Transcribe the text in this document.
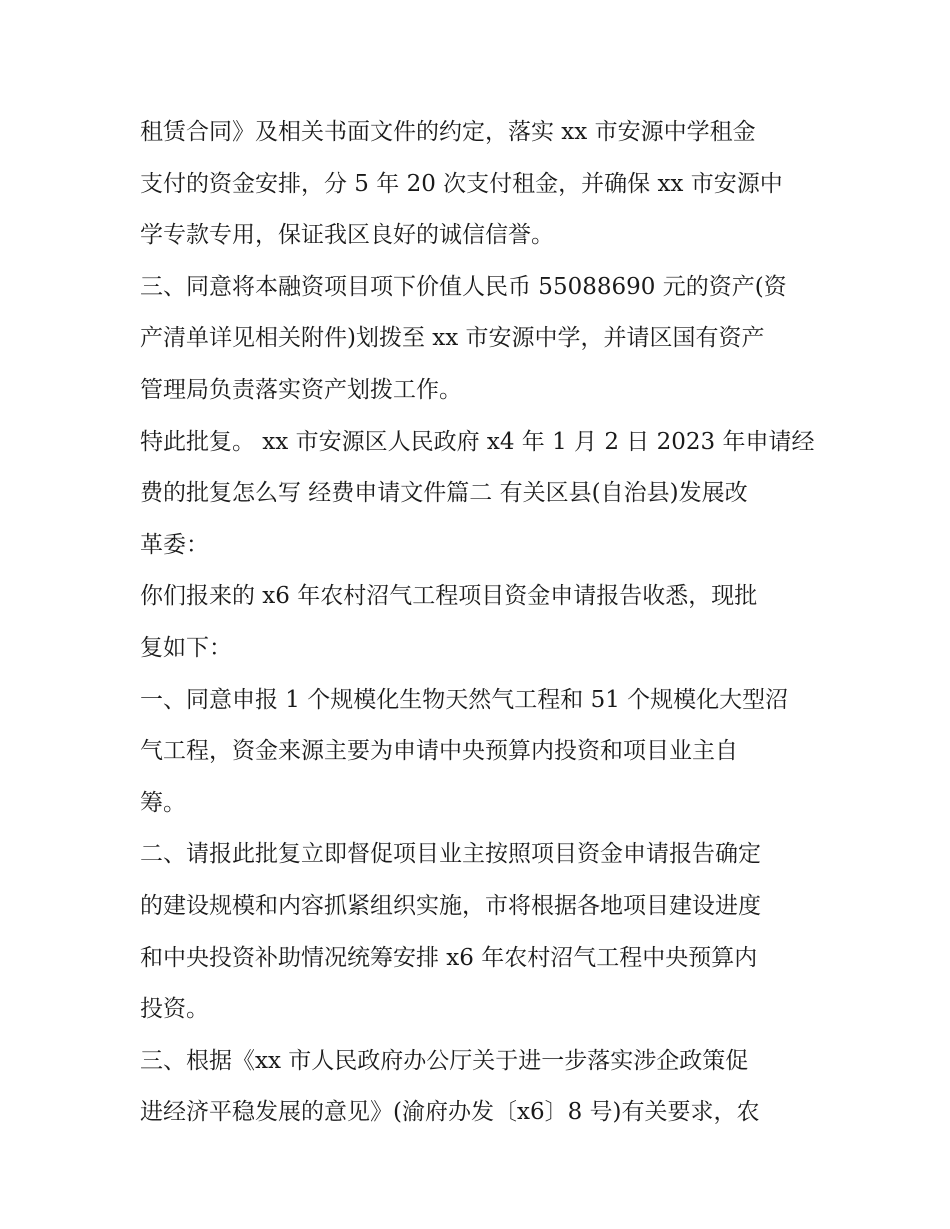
租赁合同》及相关书面文件的约定，落实 xx 市安源中学租金
支付的资金安排，分 5 年 20 次支付租金，并确保 xx 市安源中
学专款专用，保证我区良好的诚信信誉。
三、同意将本融资项目项下价值人民币 55088690 元的资产(资
产清单详见相关附件)划拨至 xx 市安源中学，并请区国有资产
管理局负责落实资产划拨工作。
特此批复。 xx 市安源区人民政府 x4 年 1 月 2 日 2023 年申请经
费的批复怎么写 经费申请文件篇二 有关区县(自治县)发展改
革委：
你们报来的 x6 年农村沼气工程项目资金申请报告收悉，现批
复如下：
一、同意申报 1 个规模化生物天然气工程和 51 个规模化大型沼
气工程，资金来源主要为申请中央预算内投资和项目业主自
筹。
二、请报此批复立即督促项目业主按照项目资金申请报告确定
的建设规模和内容抓紧组织实施，市将根据各地项目建设进度
和中央投资补助情况统筹安排 x6 年农村沼气工程中央预算内
投资。
三、根据《xx 市人民政府办公厅关于进一步落实涉企政策促
进经济平稳发展的意见》(渝府办发〔x6〕8 号)有关要求，农
